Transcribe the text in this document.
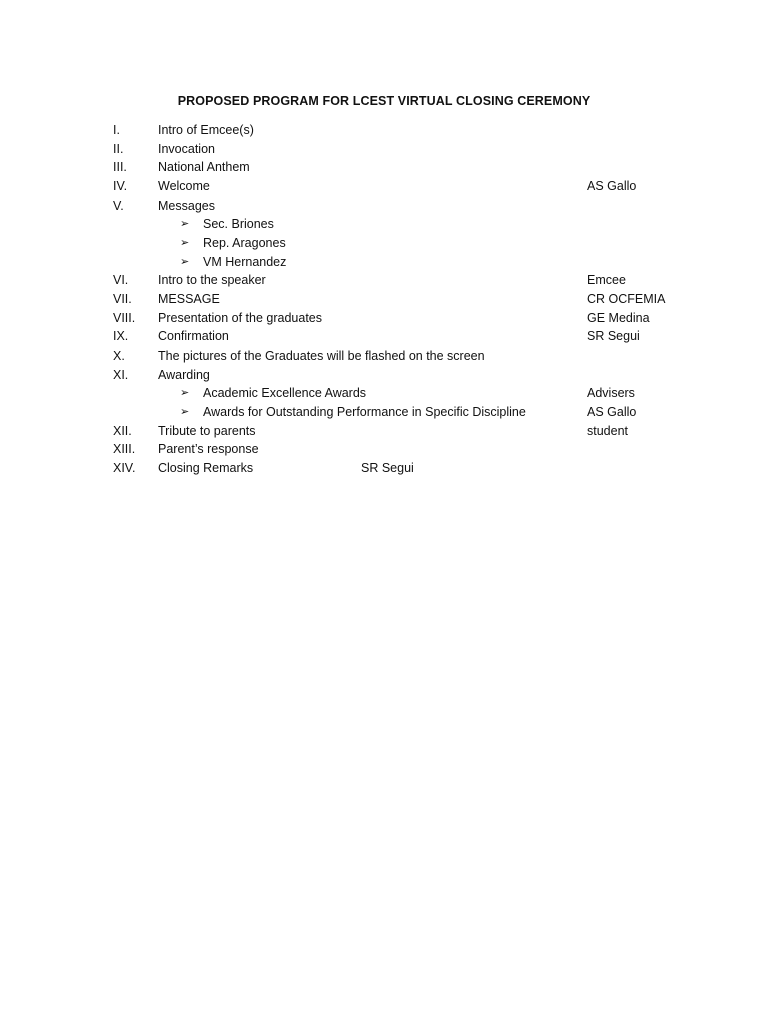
PROPOSED PROGRAM FOR LCEST VIRTUAL CLOSING CEREMONY
I.	Intro of Emcee(s)
II.	Invocation
III. National Anthem
IV. Welcome	AS Gallo
V.	Messages
➢ Sec. Briones
➢ Rep. Aragones
➢ VM Hernandez
VI. Intro to the speaker	Emcee
VII. MESSAGE	CR OCFEMIA
VIII. Presentation of the graduates	GE Medina
IX. Confirmation	SR Segui
X.	The pictures of the Graduates will be flashed on the screen
XI. Awarding
➢ Academic Excellence Awards	Advisers
➢ Awards for Outstanding Performance in Specific Discipline	AS Gallo
XII. Tribute to parents	student
XIII. Parent’s response
XIV. Closing Remarks	SR Segui
